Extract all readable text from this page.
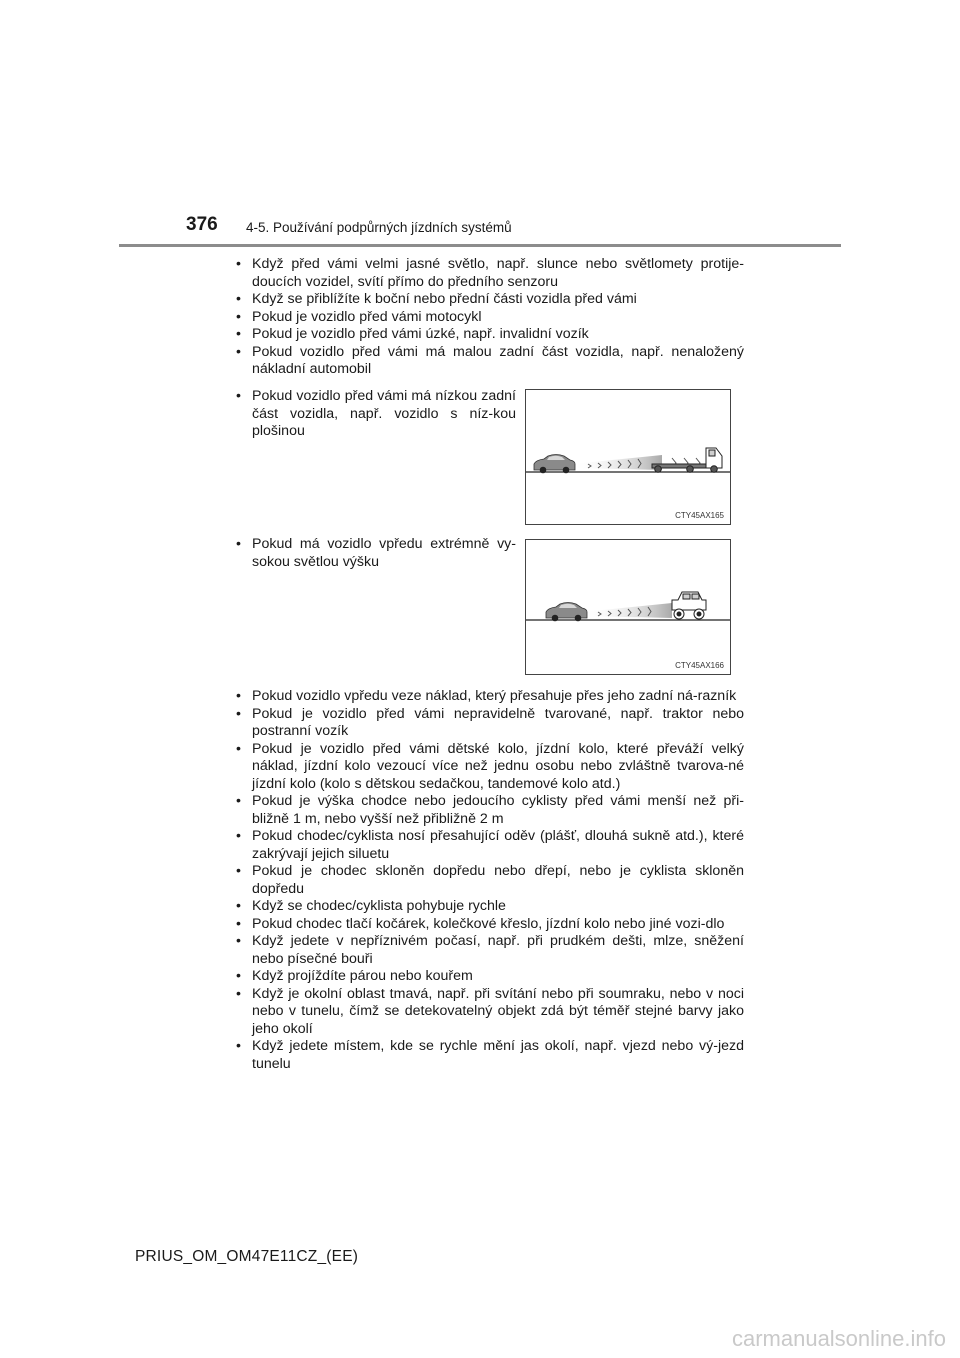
376 4-5. Používání podpůrných jízdních systémů
• Když před vámi velmi jasné světlo, např. slunce nebo světlomety protije-doucích vozidel, svítí přímo do předního senzoru
• Když se přiblížíte k boční nebo přední části vozidla před vámi
• Pokud je vozidlo před vámi motocykl
• Pokud je vozidlo před vámi úzké, např. invalidní vozík
• Pokud vozidlo před vámi má malou zadní část vozidla, např. nenaložený nákladní automobil
• Pokud vozidlo před vámi má nízkou zadní část vozidla, např. vozidlo s níz-kou plošinou
CTY45AX165
• Pokud má vozidlo vpředu extrémně vy-sokou světlou výšku
CTY45AX166
• Pokud vozidlo vpředu veze náklad, který přesahuje přes jeho zadní ná-razník
• Pokud je vozidlo před vámi nepravidelně tvarované, např. traktor nebo postranní vozík
• Pokud je vozidlo před vámi dětské kolo, jízdní kolo, které převáží velký náklad, jízdní kolo vezoucí více než jednu osobu nebo zvláštně tvarova-né jízdní kolo (kolo s dětskou sedačkou, tandemové kolo atd.)
• Pokud je výška chodce nebo jedoucího cyklisty před vámi menší než při-bližně 1 m, nebo vyšší než přibližně 2 m
• Pokud chodec/cyklista nosí přesahující oděv (plášť, dlouhá sukně atd.), které zakrývají jejich siluetu
• Pokud je chodec skloněn dopředu nebo dřepí, nebo je cyklista skloněn dopředu
• Když se chodec/cyklista pohybuje rychle
• Pokud chodec tlačí kočárek, kolečkové křeslo, jízdní kolo nebo jiné vozi-dlo
• Když jedete v nepříznivém počasí, např. při prudkém dešti, mlze, sněžení nebo písečné bouři
• Když projíždíte párou nebo kouřem
• Když je okolní oblast tmavá, např. při svítání nebo při soumraku, nebo v noci nebo v tunelu, čímž se detekovatelný objekt zdá být téměř stejné barvy jako jeho okolí
• Když jedete místem, kde se rychle mění jas okolí, např. vjezd nebo vý-jezd tunelu
PRIUS_OM_OM47E11CZ_(EE)
carmanualsonline.info
